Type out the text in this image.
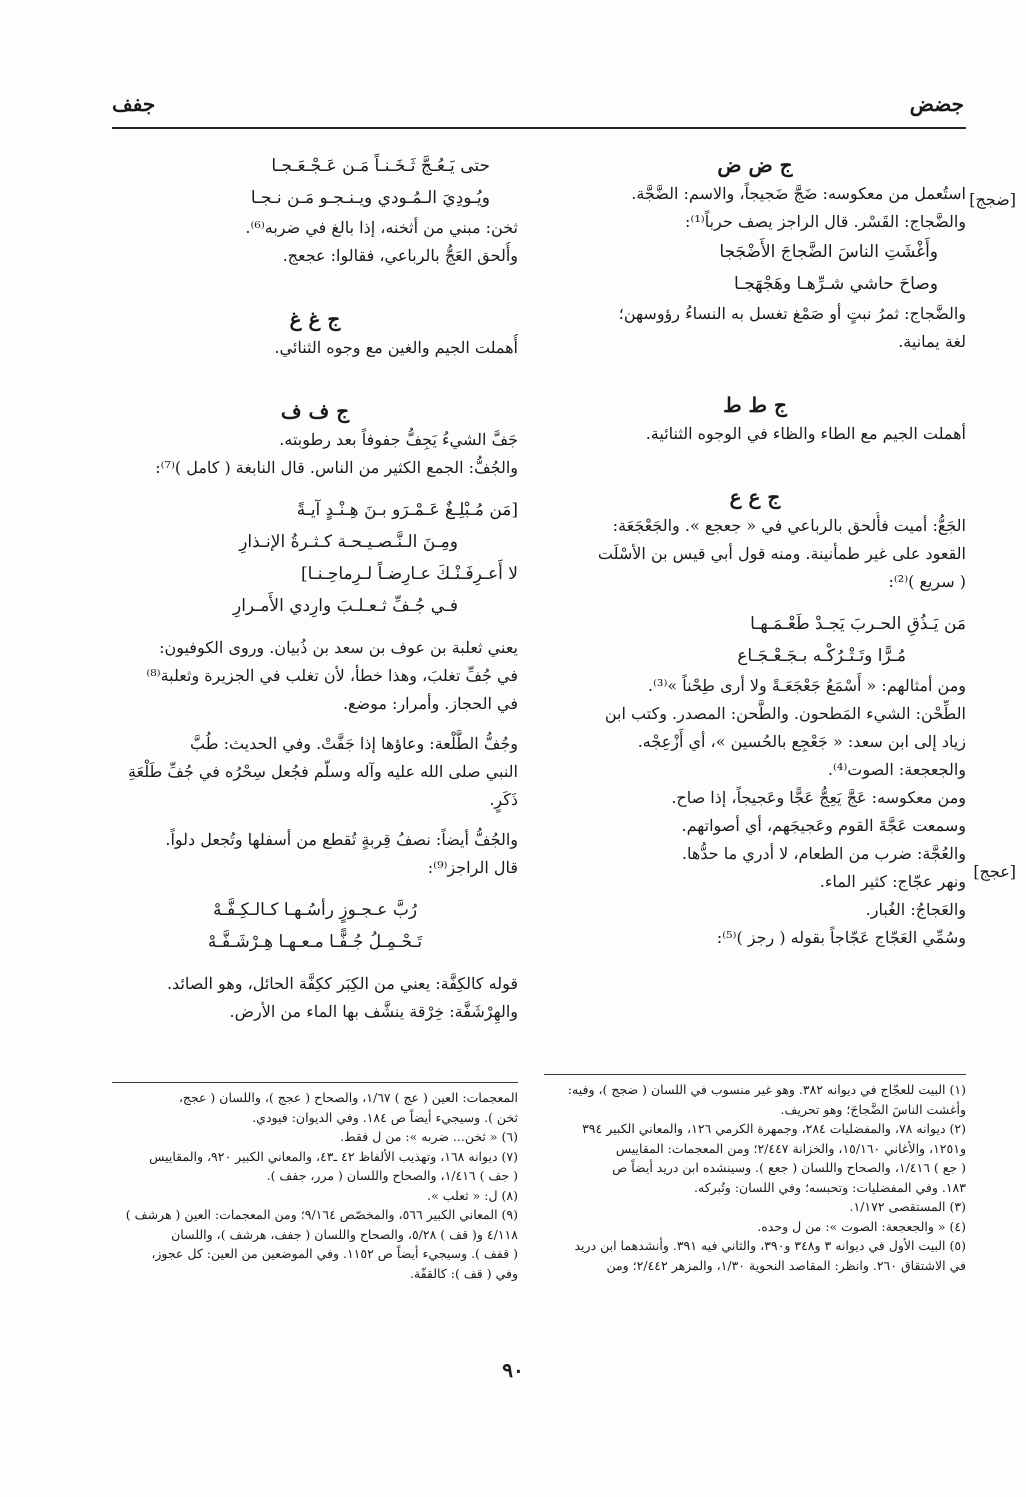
جضض
جفف
[ضجج]
[عجج]

ج ض ض

استُعمل من معكوسه: ضَجَّ ضَجيجاً، والاسم: الضَّجَّة.

والضَّجاج: القَسْر. قال الراجز يصف حرباً⁽¹⁾:

وأَغْشَتِ الناسَ الضَّجاجَ الأَضْجَجا

وصاحَ حاشي شـرِّهـا وهَجْهَجـا

والضَّجاج: ثمرُ نبتٍ أو صَمْغ تغسل به النساءُ رؤوسهن؛

لغة يمانية.

ج ط ط

أهملت الجيم مع الطاء والظاء في الوجوه الثنائية.

ج ع ع

الجَعُّ: أميت فأُلحق بالرباعي في « جعجع ». والجَعْجَعَة:

القعود على غير طمأنينة. ومنه قول أبي قيس بن الأسْلَت

( سريع )⁽²⁾:

مَن يَـذُقِ الحـربَ يَجـدْ طَعْـمَـهـا

مُـرًّا وتَـتْـرُكْـه بـجَـعْـجَـاع

ومن أمثالهم: « أَسْمَعُ جَعْجَعَـةً ولا أرى طِحْناً »⁽³⁾.

الطِّحْن: الشيء المَطحون. والطَّحن: المصدر. وكتب ابن

زياد إلى ابن سعد: « جَعْجِع بالحُسين »، أي أَزْعِجْه.

والجعجعة: الصوت⁽⁴⁾.

ومن معكوسه: عَجَّ يَعِجُّ عَجًّا وعَجيجاً، إذا صاح.

وسمعت عَجَّةَ القوم وعَجيجَهم، أي أصواتهم.

والعُجَّة: ضرب من الطعام، لا أدري ما حدُّها.

ونهر عجّاج: كثير الماء.

والعَجاجُ: الغُبار.

وسُمِّي العَجّاج عَجّاجاً بقوله ( رجز )⁽⁵⁾:

حتى يَـعُـجَّ ثَـخَـنـاً مَـن عَـجْـعَـجـا

ويُـودِيَ الـمُـودي ويـنـجـو مَـن نـجـا

ثخن: مبني من أثخنه، إذا بالغ في ضربه⁽⁶⁾.

وأُلحق العَجُّ بالرباعي، فقالوا: عجعج.

ج غ غ

أُهملت الجيم والغين مع وجوه الثنائي.

ج ف ف

جَفَّ الشيءُ يَجِفُّ جفوفاً بعد رطوبته.

والجُفُّ: الجمع الكثير من الناس. قال النابغة ( كامل )⁽⁷⁾:

[مَن مُـبْلِـغٌ عَـمْـرَو بـنَ هِـنْـدٍ آيـةً

ومِـنَ الـنَّـصـيـحـة كـثـرةُ الإنـذارِ

لا أَعـرِفَـنْـكَ عـارِضـاً لـرِماحِـنـا]

فـي جُـفِّ ثـعـلـبَ وارِدي الأَمـرارِ

يعني ثعلبة بن عوف بن سعد بن ذُبيان. وروى الكوفيون:

في جُفِّ تغلبَ، وهذا خطأ، لأن تغلب في الجزيرة وثعلبة⁽⁸⁾

في الحجاز. وأمرار: موضع.

وجُفُّ الطَّلْعة: وعاؤها إذا جَفَّتْ. وفي الحديث: طُبَّ

النبي صلى الله عليه وآله وسلّم فجُعل سِحْرُه في جُفِّ طَلْعَةِ

ذَكَرٍ.

والجُفُّ أيضاً: نصفُ قِربةٍ تُقطع من أسفلها وتُجعل دلواً.

قال الراجز⁽⁹⁾:

رُبَّ عـجـوزٍ رأسُـهـا كـالـكِـفَّـهْ

تَـحْـمِـلُ جُـفًّـا مـعـهـا هِـرْشَـفَّـهْ

قوله كالكِفَّة: يعني من الكِبَر ككِفَّة الحائل، وهو الصائد.

والهِرْشَفَّة: خِرْقة ينشَّف بها الماء من الأرض.

(١) البيت للعجّاج في ديوانه ٣٨٢. وهو غير منسوب في اللسان ( ضجج )، وفيه:

وأغشت الناسَ الضَّجاجَ؛ وهو تحريف.

(٢) ديوانه ٧٨، والمفضليات ٢٨٤، وجمهرة الكرمي ١٢٦، والمعاني الكبير ٣٩٤

و١٢٥١، والأغاني ١٥/١٦٠، والخزانة ٢/٤٤٧؛ ومن المعجمات: المقاييس

( جع ) ١/٤١٦، والصحاح واللسان ( جعع ). وسينشده ابن دريد أيضاً ص

١٨٣. وفي المفضليات: وتحبسه؛ وفي اللسان: وتُبركه.

(٣) المستقصى ١/١٧٢.

(٤) « والجعجعة: الصوت »: من ل وحده.

(٥) البيت الأول في ديوانه ٣ و٣٤٨ و٣٩٠، والثاني فيه ٣٩١. وأنشدهما ابن دريد

في الاشتقاق ٢٦٠. وانظر: المقاصد النحوية ١/٣٠، والمزهر ٢/٤٤٢؛ ومن

المعجمات: العين ( عج ) ١/٦٧، والصحاح ( عجج )، واللسان ( عجج،

ثخن ). وسيجيء أيضاً ص ١٨٤. وفي الديوان: فيودي.

(٦) « ثخن... ضربه »: من ل فقط.

(٧) ديوانه ١٦٨، وتهذيب الألفاظ ٤٢ ـ٤٣، والمعاني الكبير ٩٢٠، والمقاييس

( جف ) ١/٤١٦، والصحاح واللسان ( مرر، جفف ).

(٨) ل: « ثعلب ».

(٩) المعاني الكبير ٥٦٦، والمخصّص ٩/١٦٤؛ ومن المعجمات: العين ( هرشف )

٤/١١٨ و( قف ) ٥/٢٨، والصحاح واللسان ( جفف، هرشف )، واللسان

( قفف ). وسيجيء أيضاً ص ١١٥٢. وفي الموضعين من العين: كل عجوز،

وفي ( قف ): كالقفّة.

٩٠
